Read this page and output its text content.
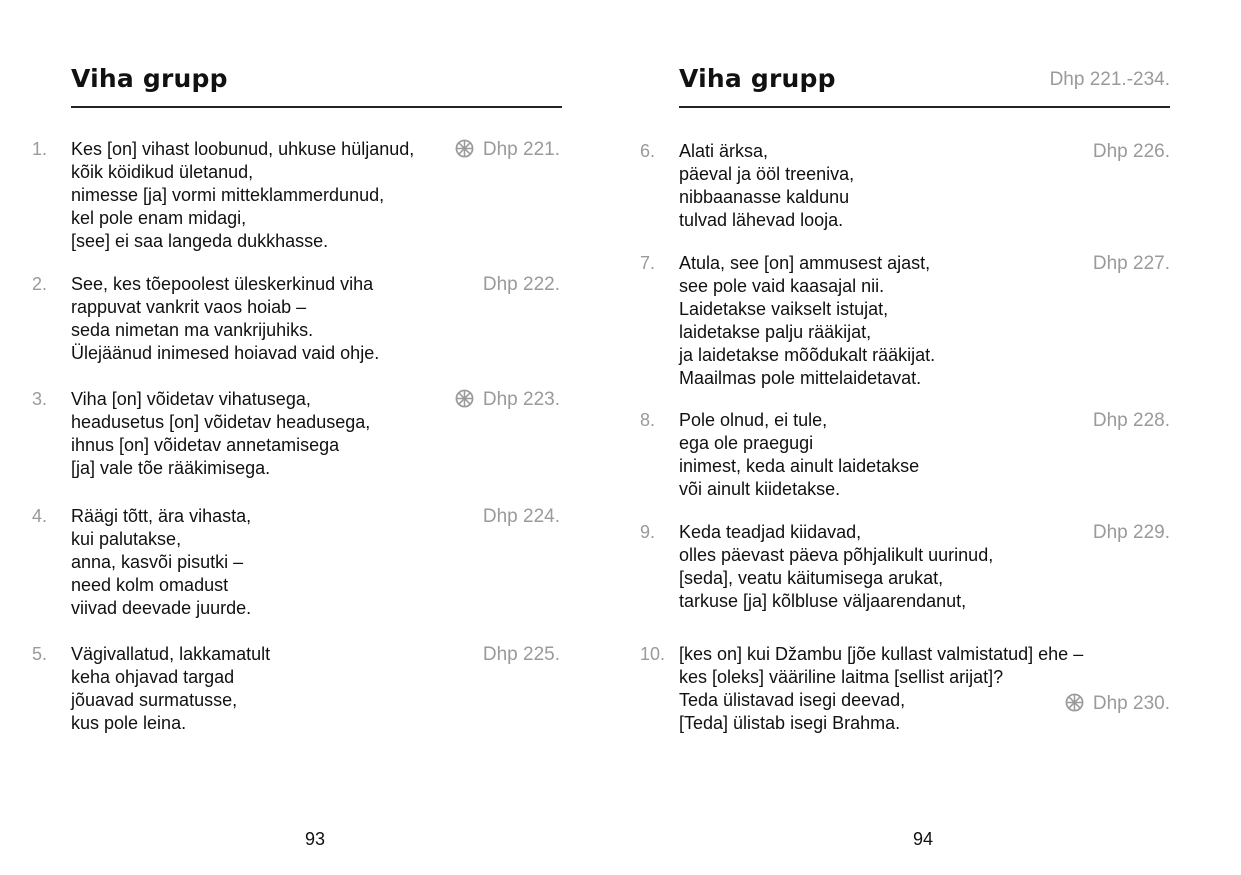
Viha grupp
1. Kes [on] vihast loobunud, uhkuse hüljanud,
kõik köidikud ületanud,
nimesse [ja] vormi mitteklammerdunud,
kel pole enam midagi,
[see] ei saa langeda dukkhasse.
Dhp 221.
2. See, kes tõepoolest üleskerkinud viha
rappuvat vankrit vaos hoiab –
seda nimetan ma vankrijuhiks.
Ülejäänud inimesed hoiavad vaid ohje.
Dhp 222.
3. Viha [on] võidetav vihatusega,
headusetus [on] võidetav headusega,
ihnus [on] võidetav annetamisega
[ja] vale tõe rääkimisega.
Dhp 223.
4. Räägi tõtt, ära vihasta,
kui palutakse,
anna, kasvõi pisutki –
need kolm omadust
viivad deevade juurde.
Dhp 224.
5. Vägivallatud, lakkamatult
keha ohjavad targad
jõuavad surmatusse,
kus pole leina.
Dhp 225.
93
Viha grupp	Dhp 221.-234.
6. Alati ärksa,
päeval ja ööl treeniva,
nibbaanasse kaldunu
tulvad lähevad looja.
Dhp 226.
7. Atula, see [on] ammusest ajast,
see pole vaid kaasajal nii.
Laidetakse vaikselt istujat,
laidetakse palju rääkijat,
ja laidetakse mõõdukalt rääkijat.
Maailmas pole mittelaidetavat.
Dhp 227.
8. Pole olnud, ei tule,
ega ole praegugi
inimest, keda ainult laidetakse
või ainult kiidetakse.
Dhp 228.
9. Keda teadjad kiidavad,
olles päevast päeva põhjalikult uurinud,
[seda], veatu käitumisega arukat,
tarkuse [ja] kõlbluse väljaarendanut,
Dhp 229.
10. [kes on] kui Džambu [jõe kullast valmistatud] ehe –
kes [oleks] vääriline laitma [sellist arijat]?
Teda ülistavad isegi deevad,
[Teda] ülistab isegi Brahma.
Dhp 230.
94
